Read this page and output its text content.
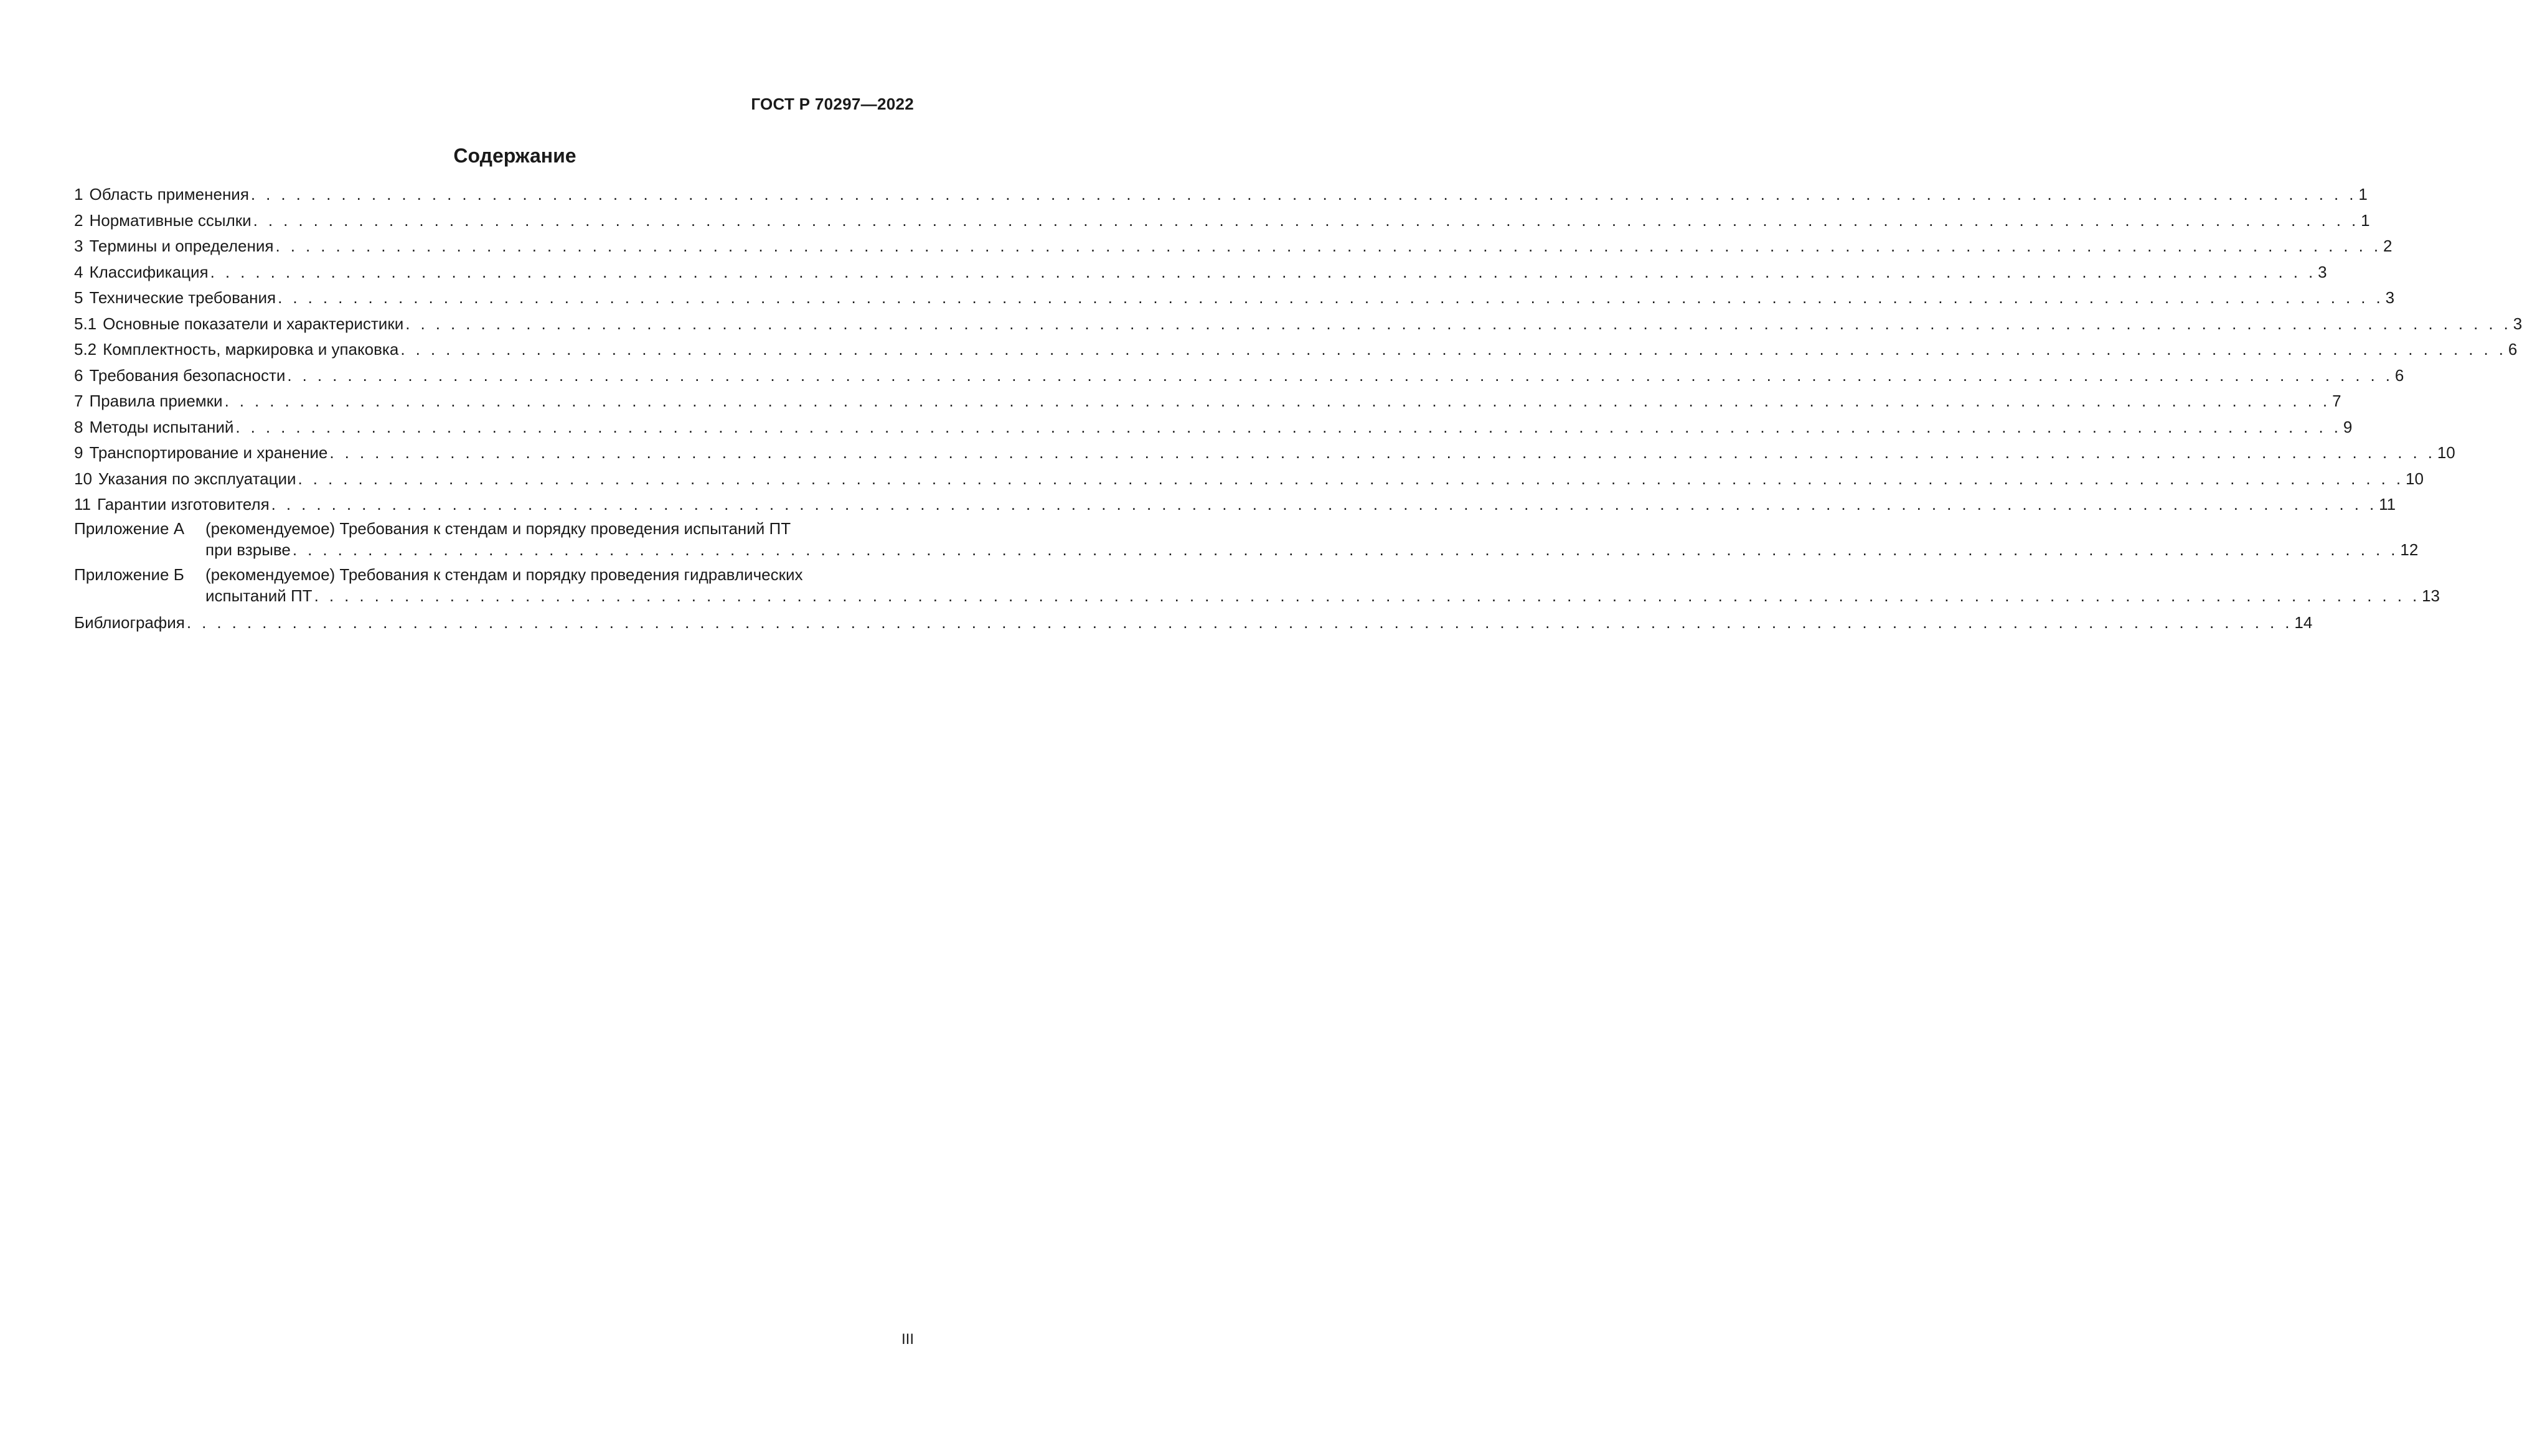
ГОСТ Р 70297—2022
Содержание
1 Область применения . . .	1
2 Нормативные ссылки . . .	1
3 Термины и определения . . .	2
4 Классификация . . .	3
5 Технические требования . . .	3
5.1 Основные показатели и характеристики . . .	3
5.2 Комплектность, маркировка и упаковка . . .	6
6 Требования безопасности . . .	6
7 Правила приемки . . .	7
8 Методы испытаний . . .	9
9 Транспортирование и хранение . . .	10
10 Указания по эксплуатации . . .	10
11 Гарантии изготовителя . . .	11
Приложение А	(рекомендуемое) Требования к стендам и порядку проведения испытаний ПТ
при взрыве . . .	12
Приложение Б	(рекомендуемое) Требования к стендам и порядку проведения гидравлических
испытаний ПТ . . .	13
Библиография . . .	14
III
